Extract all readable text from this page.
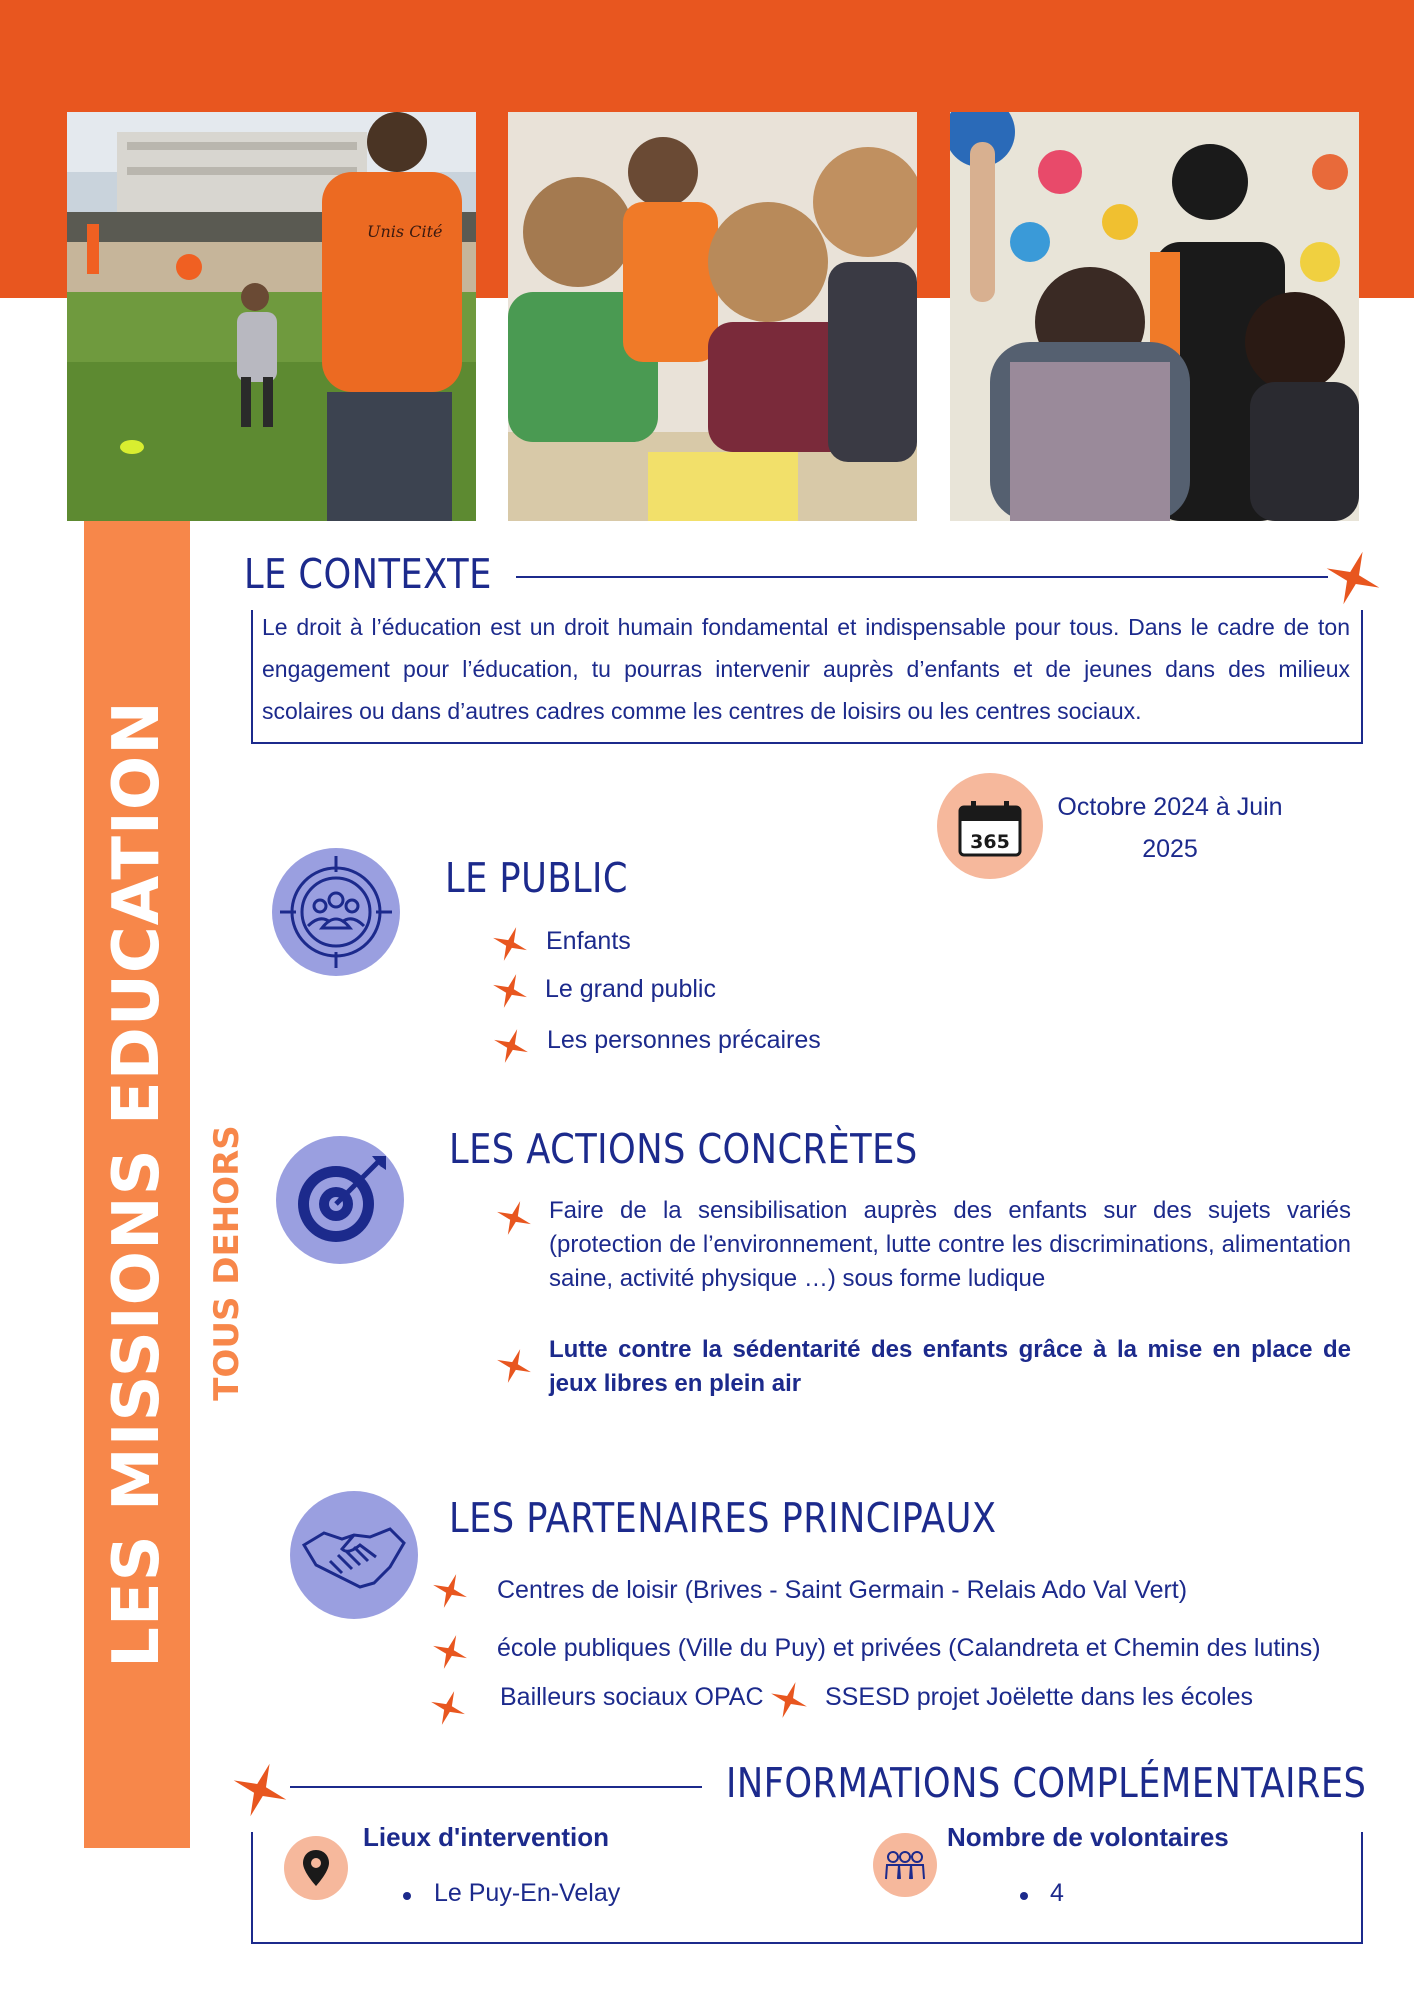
Unis Cité
LES MISSIONS EDUCATION TOUS DEHORS
LE CONTEXTE
Le droit à l’éducation est un droit humain fondamental et indispensable pour tous. Dans le cadre de ton engagement pour l’éducation, tu pourras intervenir auprès d’enfants et de jeunes dans des milieux scolaires ou dans d’autres cadres comme les centres de loisirs ou les centres sociaux.
365
Octobre 2024 à Juin
2025
LE PUBLIC
Enfants
Le grand public
Les personnes précaires
LES ACTIONS CONCRÈTES
Faire de la sensibilisation auprès des enfants sur des sujets variés (protection de l’environnement, lutte contre les discriminations, alimentation saine, activité physique …) sous forme ludique
Lutte contre la sédentarité des enfants grâce à la mise en place de jeux libres en plein air
LES PARTENAIRES PRINCIPAUX
Centres de loisir (Brives - Saint Germain - Relais Ado Val Vert)
école publiques (Ville du Puy) et privées (Calandreta et Chemin des lutins)
Bailleurs sociaux OPAC SSESD projet Joëlette dans les écoles
INFORMATIONS COMPLÉMENTAIRES
Lieux d'intervention
Le Puy-En-Velay
Nombre de volontaires
4
